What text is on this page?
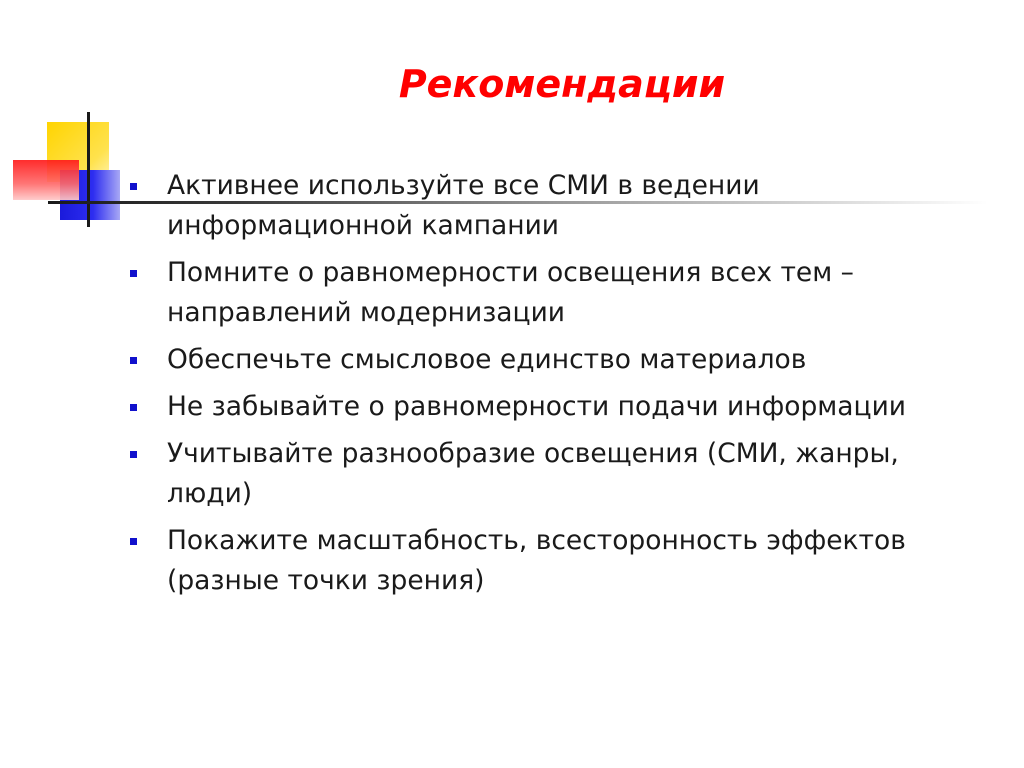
Рекомендации
Активнее используйте все СМИ в ведении информационной кампании
Помните о равномерности освещения всех тем – направлений модернизации
Обеспечьте смысловое единство материалов
Не забывайте о равномерности подачи информации
Учитывайте разнообразие освещения (СМИ, жанры, люди)
Покажите масштабность, всесторонность эффектов (разные точки зрения)
